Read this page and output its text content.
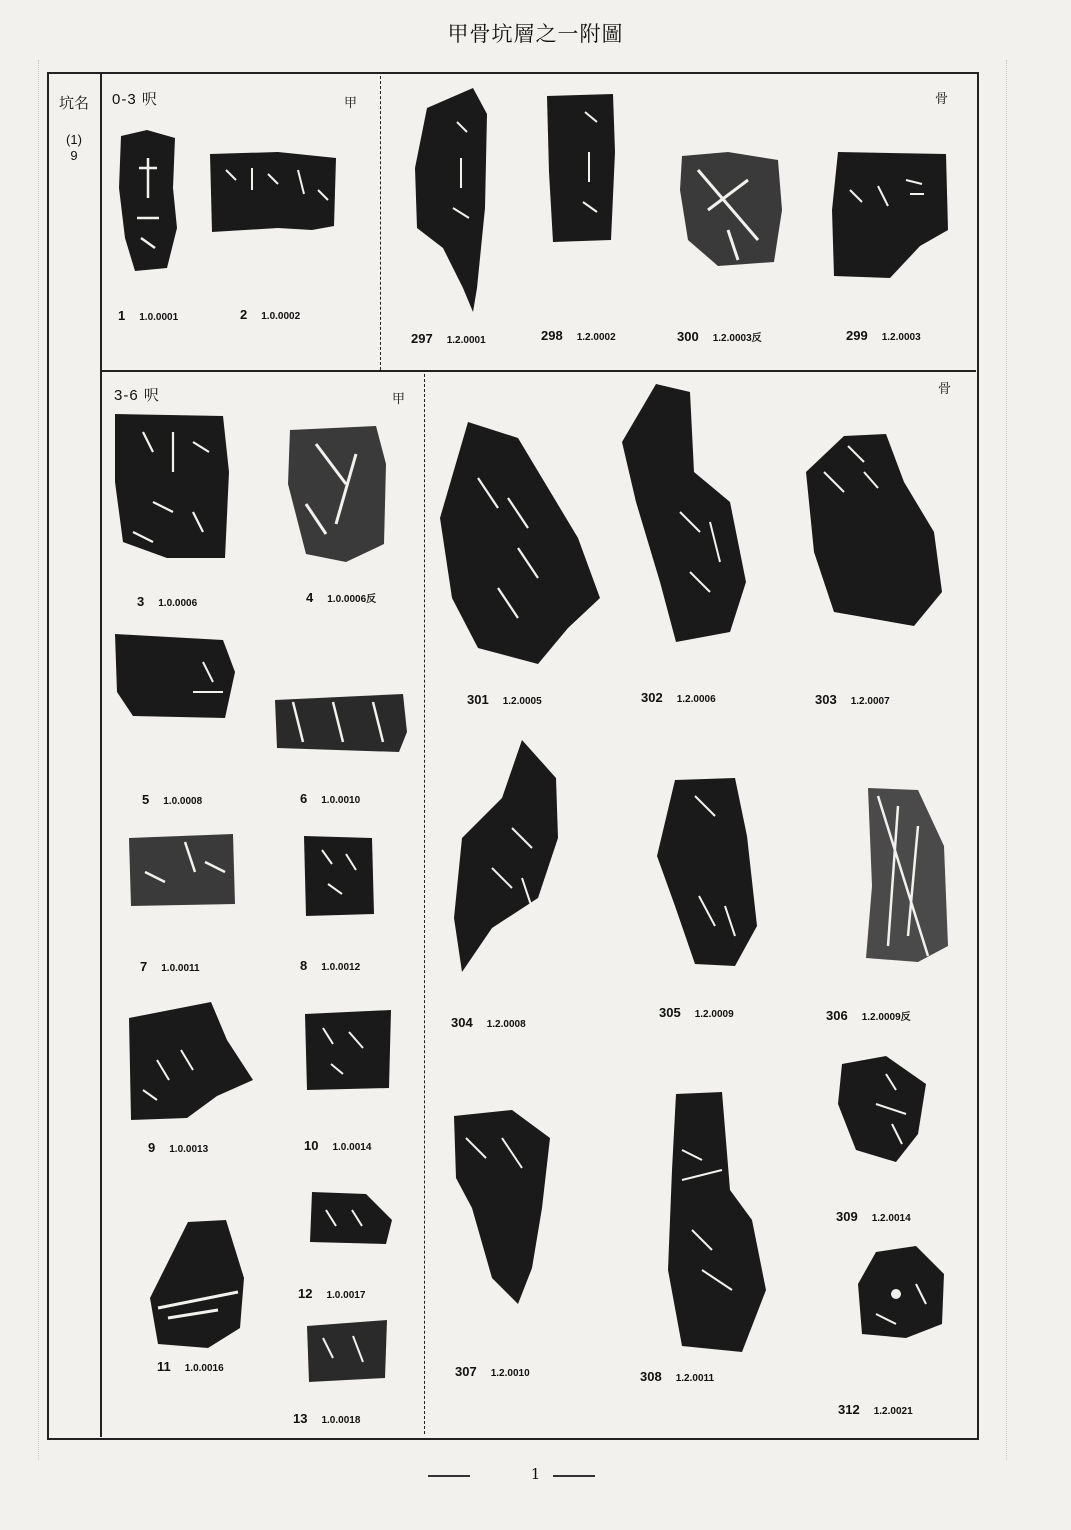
甲骨坑層之一附圖
坑名
(1)
9
0-3 呎	甲	骨
3-6 呎	甲
骨
1 1.0.0001	2 1.0.0002
297 1.2.0001	298 1.2.0002	300 1.2.0003反	299 1.2.0003
3 1.0.0006	4 1.0.0006反
5 1.0.0008	6 1.0.0010
7 1.0.0011	8 1.0.0012
9 1.0.0013	10 1.0.0014
11 1.0.0016
12 1.0.0017
13 1.0.0018
301 1.2.0005	302 1.2.0006	303 1.2.0007
304 1.2.0008
305 1.2.0009	306 1.2.0009反
307 1.2.0010	308 1.2.0011
309 1.2.0014
312 1.2.0021
1
